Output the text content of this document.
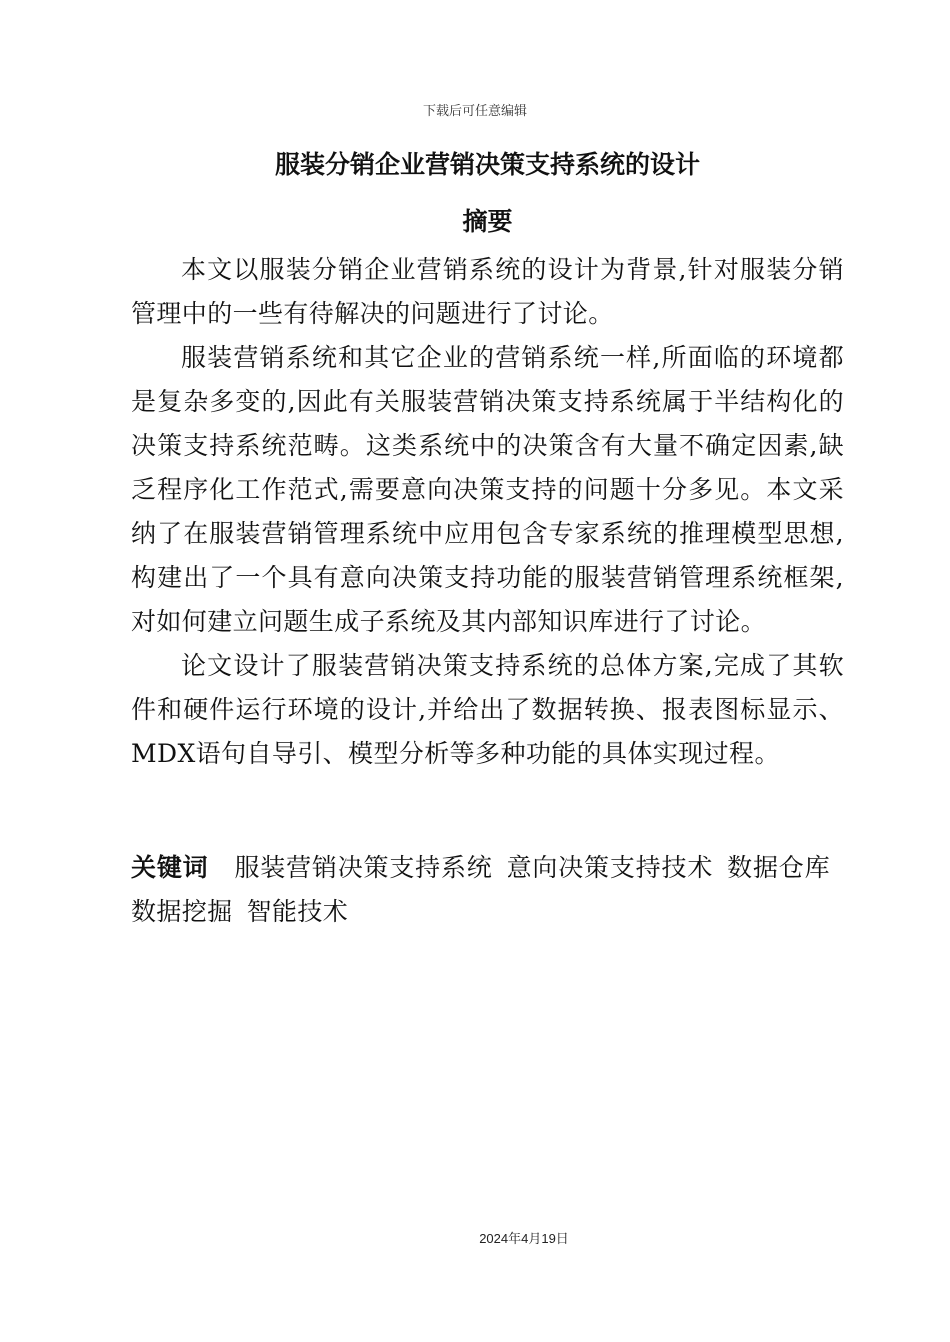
下载后可任意编辑
服装分销企业营销决策支持系统的设计
摘要

本文以服装分销企业营销系统的设计为背景,针对服装分销管理中的一些有待解决的问题进行了讨论。

服装营销系统和其它企业的营销系统一样,所面临的环境都是复杂多变的,因此有关服装营销决策支持系统属于半结构化的决策支持系统范畴。这类系统中的决策含有大量不确定因素,缺乏程序化工作范式,需要意向决策支持的问题十分多见。本文采纳了在服装营销管理系统中应用包含专家系统的推理模型思想,构建出了一个具有意向决策支持功能的服装营销管理系统框架,对如何建立问题生成子系统及其内部知识库进行了讨论。

论文设计了服装营销决策支持系统的总体方案,完成了其软件和硬件运行环境的设计,并给出了数据转换、报表图标显示、MDX语句自导引、模型分析等多种功能的具体实现过程。

关键词 服装营销决策支持系统 意向决策支持技术 数据仓库数据挖掘 智能技术
2024年4月19日
